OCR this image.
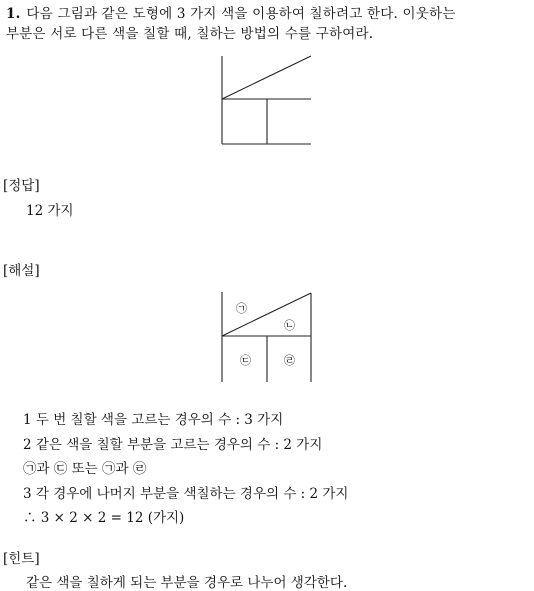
1. 다음 그림과 같은 도형에 3 가지 색을 이용하여 칠하려고 한다. 이웃하는
부분은 서로 다른 색을 칠할 때, 칠하는 방법의 수를 구하여라.
[정답]
12 가지
[해설]
㉠
㉡
㉢	㉣
1 두 번 칠할 색을 고르는 경우의 수 : 3 가지
2 같은 색을 칠할 부분을 고르는 경우의 수 : 2 가지
㉠과 ㉢ 또는 ㉠과 ㉣
3 각 경우에 나머지 부분을 색칠하는 경우의 수 : 2 가지
∴ 3 × 2 × 2 = 12 (가지)
[힌트]
같은 색을 칠하게 되는 부분을 경우로 나누어 생각한다.
